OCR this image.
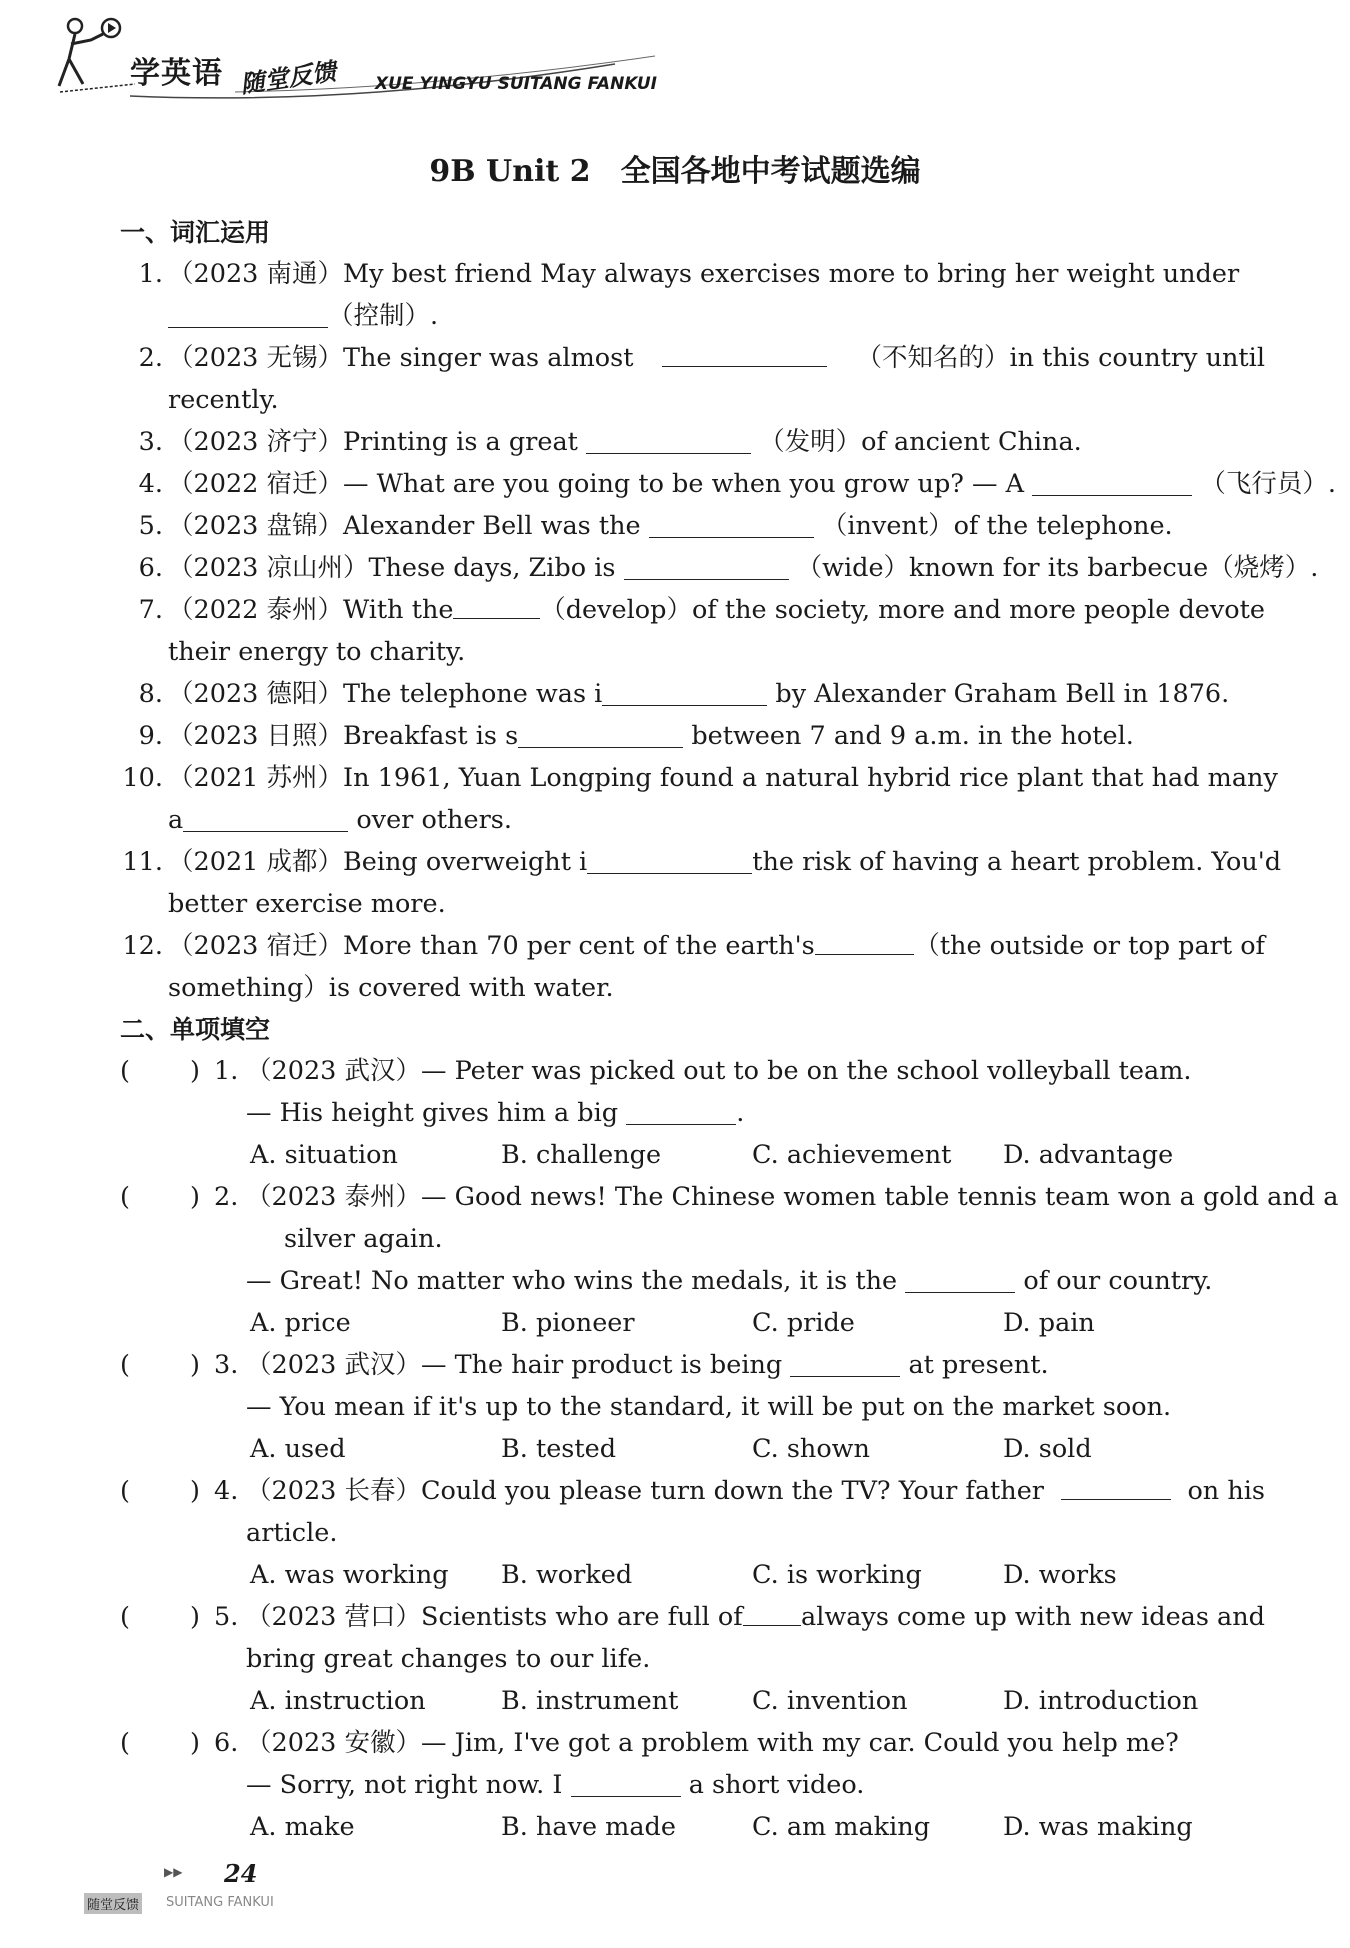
学英语 随堂反馈 XUE YINGYU SUITANG FANKUI
9B Unit 2　全国各地中考试题选编
一、词汇运用
1. （2023 南通）My best friend May always exercises more to bring her weight under
（控制）.
2. （2023 无锡）The singer was almost	（不知名的）in this country until
recently.
3. （2023 济宁）Printing is a great	（发明）of ancient China.
4. （2022 宿迁）— What are you going to be when you grow up? — A	（飞行员）.
5. （2023 盘锦）Alexander Bell was the	（invent）of the telephone.
6. （2023 凉山州）These days, Zibo is	（wide）known for its barbecue（烧烤）.
7. （2022 泰州）With the	（develop）of the society, more and more people devote
their energy to charity.
8. （2023 德阳）The telephone was i	by Alexander Graham Bell in 1876.
9. （2023 日照）Breakfast is s	between 7 and 9 a.m. in the hotel.
10. （2021 苏州）In 1961, Yuan Longping found a natural hybrid rice plant that had many
a	over others.
11. （2021 成都）Being overweight i	the risk of having a heart problem. You'd
better exercise more.
12. （2023 宿迁）More than 70 per cent of the earth's	（the outside or top part of
something）is covered with water.
二、单项填空
( ) 1. （2023 武汉）— Peter was picked out to be on the school volleyball team.
— His height gives him a big	.
A. situation	B. challenge	C. achievement D. advantage
( ) 2. （2023 泰州）— Good news! The Chinese women table tennis team won a gold and a
silver again.
— Great! No matter who wins the medals, it is the	of our country.
A. price	B. pioneer	C. pride	D. pain
( ) 3. （2023 武汉）— The hair product is being	at present.
— You mean if it's up to the standard, it will be put on the market soon.
A. used	B. tested	C. shown	D. sold
( ) 4. （2023 长春）Could you please turn down the TV? Your father	on his
article.
A. was working B. worked	C. is working	D. works
( ) 5. （2023 营口）Scientists who are full of always come up with new ideas and
bring great changes to our life.
A. instruction	B. instrument	C. invention	D. introduction
( ) 6. （2023 安徽）— Jim, I've got a problem with my car. Could you help me?
— Sorry, not right now. I	a short video.
A. make	B. have made	C. am making	D. was making
▶▶ 24
随堂反馈 SUITANG FANKUI
